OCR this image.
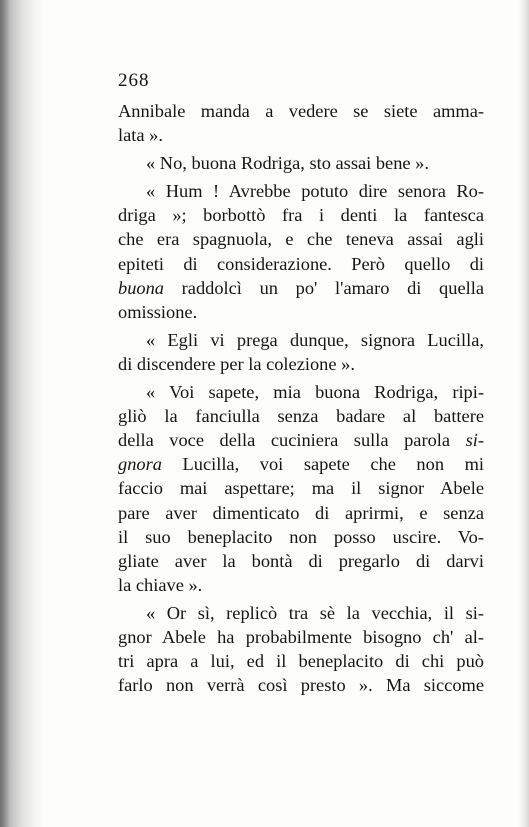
268
Annibale manda a vedere se siete amma-
lata ».
« No, buona Rodriga, sto assai bene ».
« Hum ! Avrebbe potuto dire senora Ro-
driga »; borbottò fra i denti la fantesca
che era spagnuola, e che teneva assai agli
epiteti di considerazione. Però quello di
buona raddolcì un po' l'amaro di quella
omissione.
« Egli vi prega dunque, signora Lucilla,
di discendere per la colezione ».
« Voi sapete, mia buona Rodriga, ripi-
gliò la fanciulla senza badare al battere
della voce della cuciniera sulla parola si-
gnora Lucilla, voi sapete che non mi
faccio mai aspettare; ma il signor Abele
pare aver dimenticato di aprirmi, e senza
il suo beneplacito non posso uscire. Vo-
gliate aver la bontà di pregarlo di darvi
la chiave ».
« Or sì, replicò tra sè la vecchia, il si-
gnor Abele ha probabilmente bisogno ch' al-
tri apra a lui, ed il beneplacito di chi può
farlo non verrà così presto ». Ma siccome
